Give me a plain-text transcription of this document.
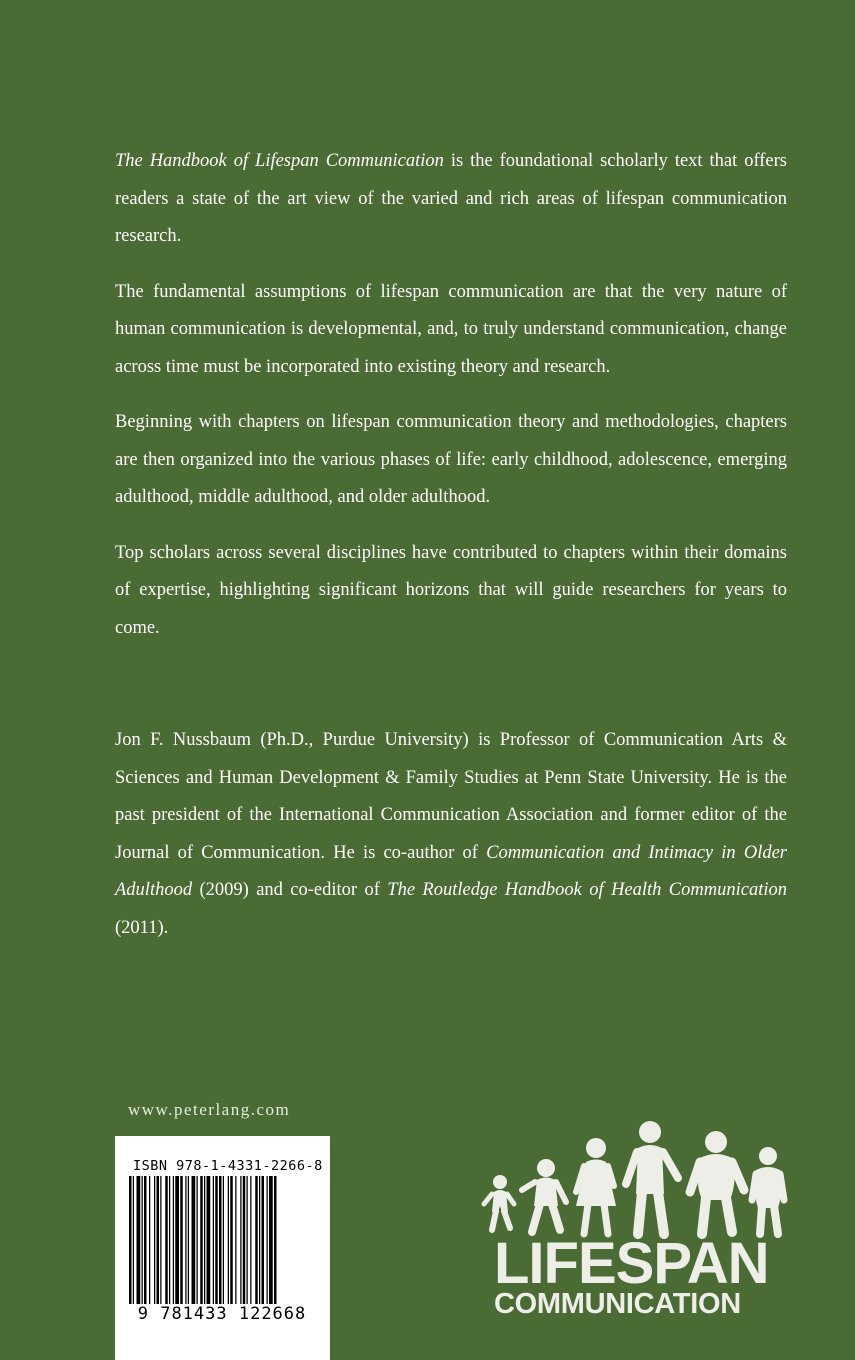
The Handbook of Lifespan Communication is the foundational scholarly text that offers readers a state of the art view of the varied and rich areas of lifespan communication research.

The fundamental assumptions of lifespan communication are that the very nature of human communication is developmental, and, to truly understand communication, change across time must be incorporated into existing theory and research.

Beginning with chapters on lifespan communication theory and methodologies, chapters are then organized into the various phases of life: early childhood, adolescence, emerging adulthood, middle adulthood, and older adulthood.

Top scholars across several disciplines have contributed to chapters within their domains of expertise, highlighting significant horizons that will guide researchers for years to come.

Jon F. Nussbaum (Ph.D., Purdue University) is Professor of Communication Arts & Sciences and Human Development & Family Studies at Penn State University. He is the past president of the International Communication Association and former editor of the Journal of Communication. He is co-author of Communication and Intimacy in Older Adulthood (2009) and co-editor of The Routledge Handbook of Health Communication (2011).

www.peterlang.com
ISBN 978-1-4331-2266-8
9 781433 122668
LIFESPAN
COMMUNICATION
